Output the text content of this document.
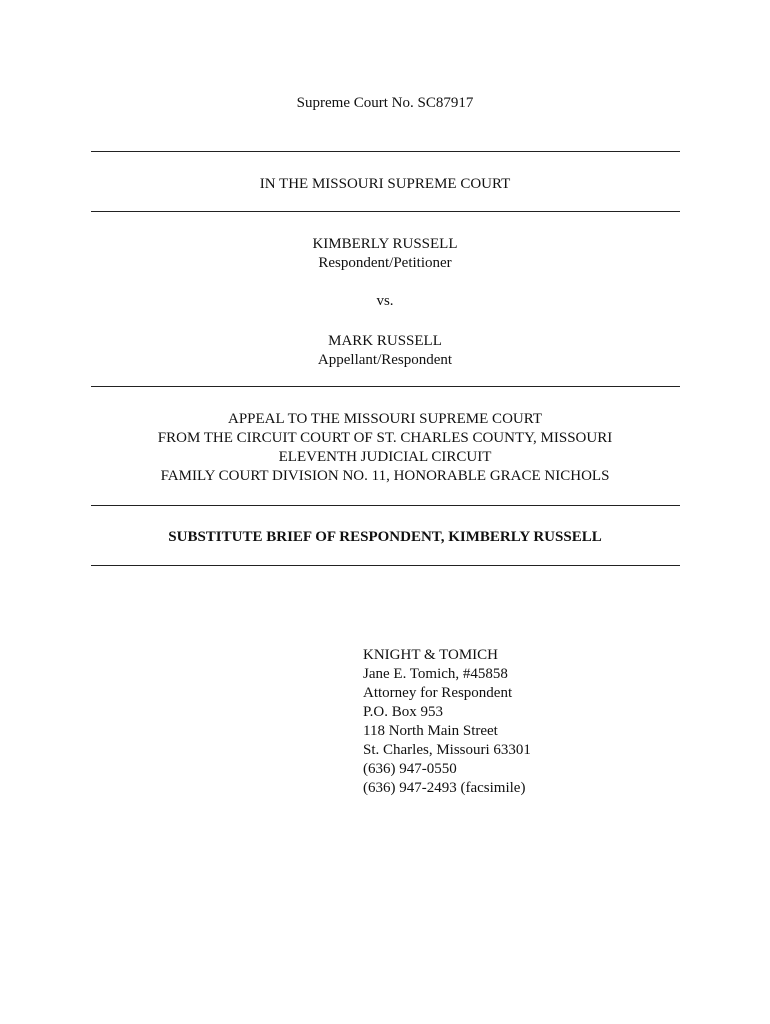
Supreme Court No. SC87917
IN THE MISSOURI SUPREME COURT
KIMBERLY RUSSELL
Respondent/Petitioner
vs.
MARK RUSSELL
Appellant/Respondent
APPEAL TO THE MISSOURI SUPREME COURT
FROM THE CIRCUIT COURT OF ST. CHARLES COUNTY, MISSOURI
ELEVENTH JUDICIAL CIRCUIT
FAMILY COURT DIVISION NO. 11, HONORABLE GRACE NICHOLS
SUBSTITUTE BRIEF OF RESPONDENT, KIMBERLY RUSSELL
KNIGHT & TOMICH
Jane E. Tomich, #45858
Attorney for Respondent
P.O. Box 953
118 North Main Street
St. Charles, Missouri 63301
(636) 947-0550
(636) 947-2493 (facsimile)
